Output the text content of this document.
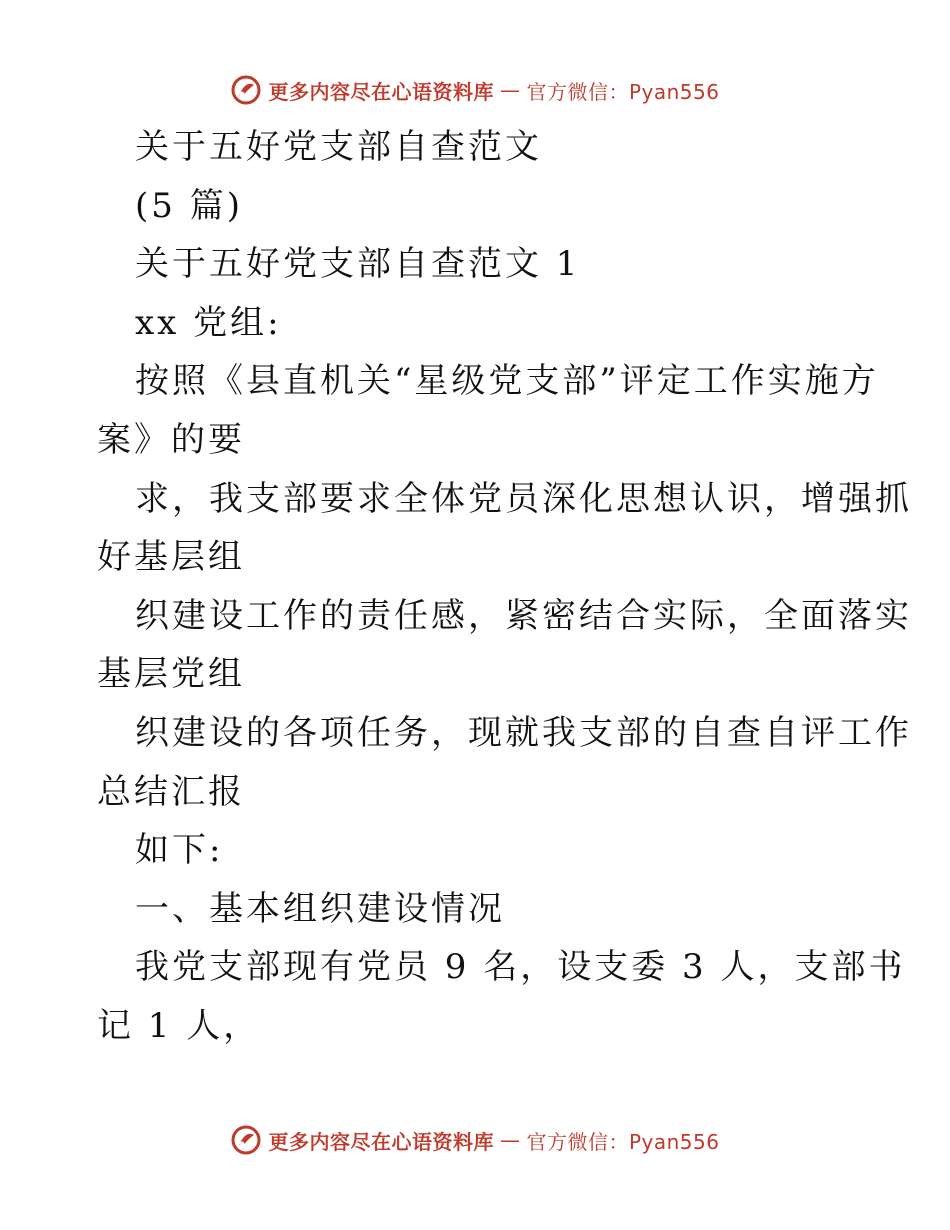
更多内容尽在心语资料库 — 官方微信：Pyan556
关于五好党支部自查范文
(5 篇)
关于五好党支部自查范文 1
xx 党组:
按照《县直机关“星级党支部”评定工作实施方
案》的要
求，我支部要求全体党员深化思想认识，增强抓
好基层组
织建设工作的责任感，紧密结合实际，全面落实
基层党组
织建设的各项任务，现就我支部的自查自评工作
总结汇报
如下:
一、基本组织建设情况
我党支部现有党员 9 名，设支委 3 人，支部书
记 1 人，
更多内容尽在心语资料库 — 官方微信：Pyan556
